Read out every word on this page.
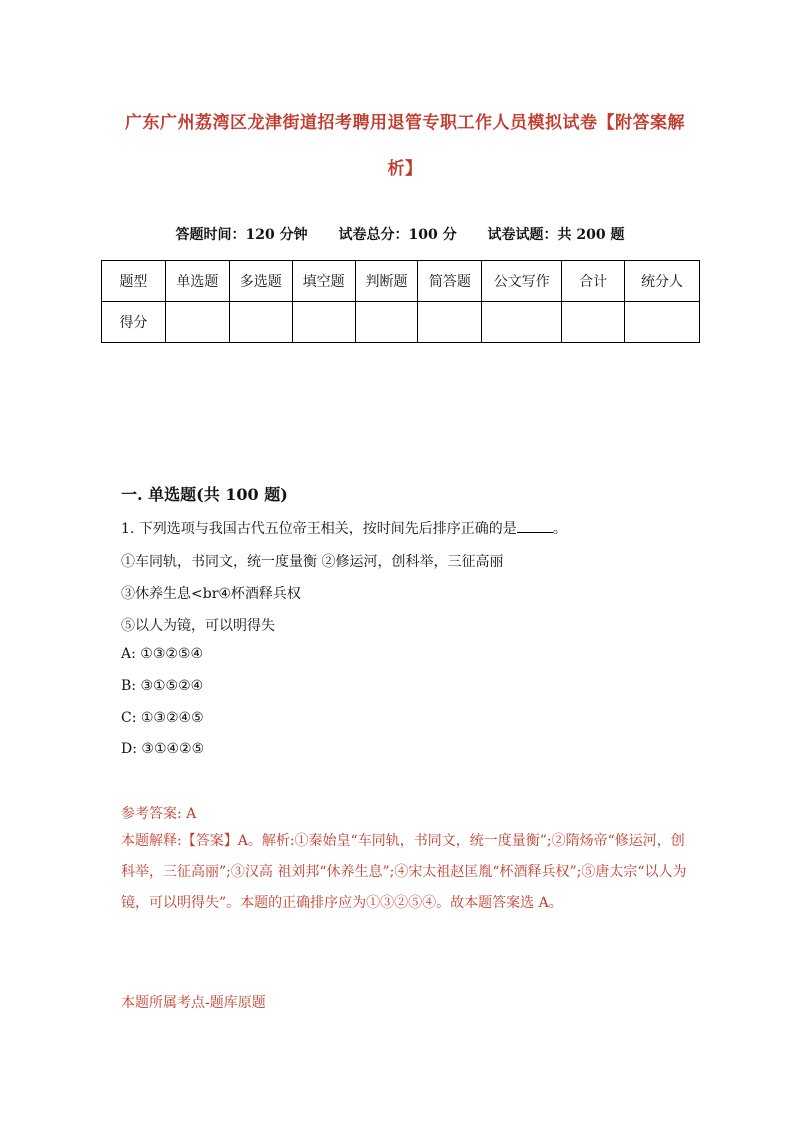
广东广州荔湾区龙津街道招考聘用退管专职工作人员模拟试卷【附答案解析】
答题时间：120 分钟 试卷总分：100 分 试卷试题：共 200 题
题型	单选题	多选题	填空题	判断题	简答题	公文写作	合计	统分人
得分								
一. 单选题(共 100 题)
1. 下列选项与我国古代五位帝王相关，按时间先后排序正确的是	。
①车同轨，书同文，统一度量衡 ②修运河，创科举，三征高丽
③休养生息<br④杯酒释兵权
⑤以人为镜，可以明得失
A: ①③②⑤④
B: ③①⑤②④
C: ①③②④⑤
D: ③①④②⑤
参考答案: A
本题解释:【答案】A。解析:①秦始皇“车同轨，书同文，统一度量衡”;②隋炀帝“修运河，创科举，三征高丽”;③汉高 祖刘邦“休养生息”;④宋太祖赵匡胤“杯酒释兵权”;⑤唐太宗“以人为镜，可以明得失”。本题的正确排序应为①③②⑤④。故本题答案选 A。
本题所属考点-题库原题
